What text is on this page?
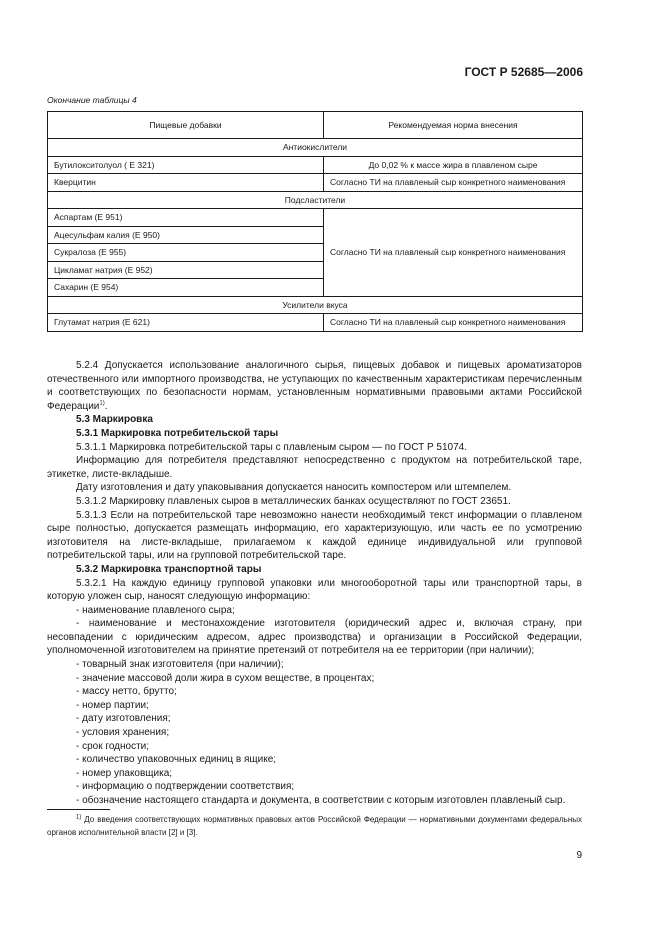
ГОСТ Р 52685—2006
Окончание таблицы 4
Пищевые добавки	Рекомендуемая норма внесения
Антиокислители	
Бутилокситолуол ( Е 321)	До 0,02 % к массе жира в плавленом сыре
Кверцитин	Согласно ТИ на плавленый сыр конкретного наименования
Подсластители	
Аспартам (Е 951)	Согласно ТИ на плавленый сыр конкретного наименования
Ацесульфам калия (Е 950)	
Сукралоза (Е 955)	
Цикламат натрия (Е 952)	
Сахарин (Е 954)	
Усилители вкуса	
Глутамат натрия (Е 621)	Согласно ТИ на плавленый сыр конкретного наименования

5.2.4 Допускается использование аналогичного сырья, пищевых добавок и пищевых ароматизаторов отечественного или импортного производства, не уступающих по качественным характеристикам перечисленным и соответствующих по безопасности нормам, установленным нормативными правовыми актами Российской Федерации$^{1)}$.

5.3 Маркировка

5.3.1 Маркировка потребительской тары

5.3.1.1 Маркировка потребительской тары с плавленым сыром — по ГОСТ Р 51074.

Информацию для потребителя представляют непосредственно с продуктом на потребительской таре, этикетке, листе-вкладыше.

Дату изготовления и дату упаковывания допускается наносить компостером или штемпелем.

5.3.1.2 Маркировку плавленых сыров в металлических банках осуществляют по ГОСТ 23651.

5.3.1.3 Если на потребительской таре невозможно нанести необходимый текст информации о плавленом сыре полностью, допускается размещать информацию, его характеризующую, или часть ее по усмотрению изготовителя на листе-вкладыше, прилагаемом к каждой единице индивидуальной или групповой потребительской тары, или на групповой потребительской таре.

5.3.2 Маркировка транспортной тары

5.3.2.1 На каждую единицу групповой упаковки или многооборотной тары или транспортной тары, в которую уложен сыр, наносят следующую информацию:

- наименование плавленого сыра;

- наименование и местонахождение изготовителя (юридический адрес и, включая страну, при несовпадении с юридическим адресом, адрес производства) и организации в Российской Федерации, уполномоченной изготовителем на принятие претензий от потребителя на ее территории (при наличии);

- товарный знак изготовителя (при наличии);

- значение массовой доли жира в сухом веществе, в процентах;

- массу нетто, брутто;

- номер партии;

- дату изготовления;

- условия хранения;

- срок годности;

- количество упаковочных единиц в ящике;

- номер упаковщика;

- информацию о подтверждении соответствия;

- обозначение настоящего стандарта и документа, в соответствии с которым изготовлен плавленый сыр.

$^{1)}$ До введения соответствующих нормативных правовых актов Российской Федерации — нормативными документами федеральных органов исполнительной власти [2] и [3].

9
